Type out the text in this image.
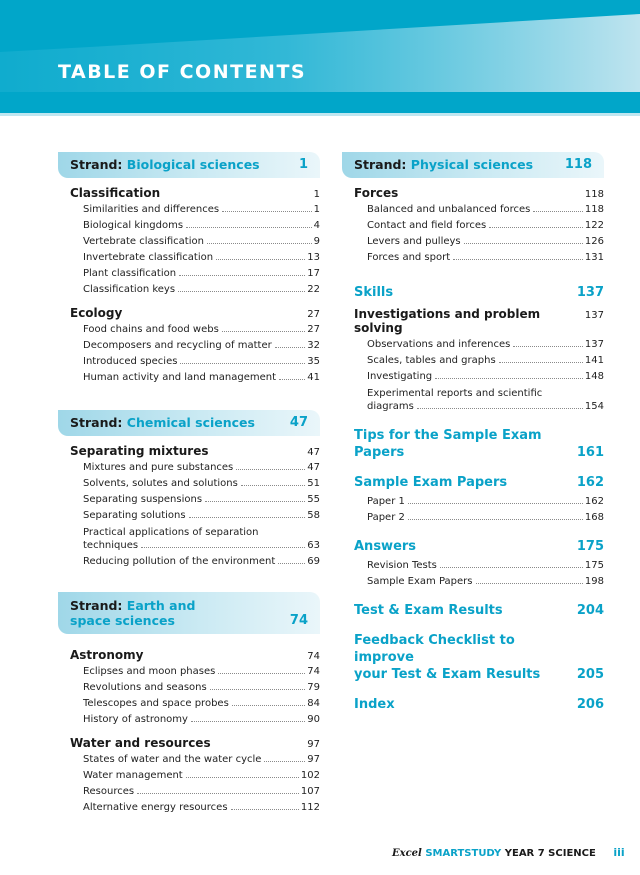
TABLE OF CONTENTS
Strand: Biological sciences	1
Classification	1
Similarities and differences	1
Biological kingdoms	4
Vertebrate classification	9
Invertebrate classification	13
Plant classification	17
Classification keys	22
Ecology	27
Food chains and food webs	27
Decomposers and recycling of matter	32
Introduced species	35
Human activity and land management	41
Strand: Chemical sciences	47
Separating mixtures	47
Mixtures and pure substances	47
Solvents, solutes and solutions	51
Separating suspensions	55
Separating solutions	58
Practical applications of separation
techniques	63
Reducing pollution of the environment	69
Strand: Earth and
space sciences	74
Astronomy	74
Eclipses and moon phases	74
Revolutions and seasons	79
Telescopes and space probes	84
History of astronomy	90
Water and resources	97
States of water and the water cycle	97
Water management	102
Resources	107
Alternative energy resources	112
Strand: Physical sciences 118
Forces	118
Balanced and unbalanced forces	118
Contact and field forces	122
Levers and pulleys	126
Forces and sport	131
Skills	137
Investigations and problem solving
137
Observations and inferences	137
Scales, tables and graphs	141
Investigating	148
Experimental reports and scientific
diagrams	154
Tips for the Sample Exam
Papers	161
Sample Exam Papers	162
Paper 1	162
Paper 2	168
Answers	175
Revision Tests	175
Sample Exam Papers	198
Test & Exam Results	204
Feedback Checklist to improve
your Test & Exam Results	205
Index	206
Excel SMARTSTUDY YEAR 7 SCIENCE iii
